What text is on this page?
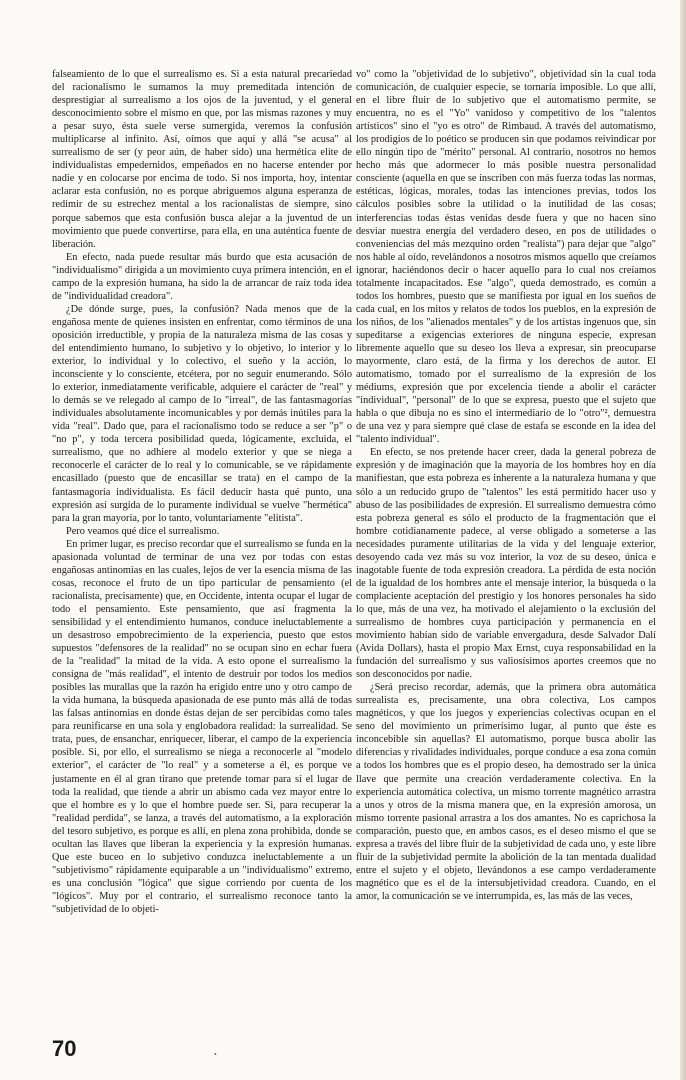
falseamiento de lo que el surrealismo es. Si a esta natural precariedad del racionalismo le sumamos la muy premeditada intención de desprestigiar al surrealismo a los ojos de la juventud, y el general desconocimiento sobre el mismo en que, por las mismas razones y muy a pesar suyo, ésta suele verse sumergida, veremos la confusión multiplicarse al infinito. Así, oímos que aquí y allá "se acusa" al surrealismo de ser (y peor aún, de haber sido) una hermética elite de individualistas empedernidos, empeñados en no hacerse entender por nadie y en colocarse por encima de todo. Si nos importa, hoy, intentar aclarar esta confusión, no es porque abriguemos alguna esperanza de redimir de su estrechez mental a los racionalistas de siempre, sino porque sabemos que esta confusión busca alejar a la juventud de un movimiento que puede convertirse, para ella, en una auténtica fuente de liberación.

En efecto, nada puede resultar más burdo que esta acusación de "individualismo" dirigida a un movimiento cuya primera intención, en el campo de la expresión humana, ha sido la de arrancar de raíz toda idea de "individualidad creadora".

¿De dónde surge, pues, la confusión? Nada menos que de la engañosa mente de quienes insisten en enfrentar, como términos de una oposición irreductible, y propia de la naturaleza misma de las cosas y del entendimiento humano, lo subjetivo y lo objetivo, lo interior y lo exterior, lo individual y lo colectivo, el sueño y la acción, lo inconsciente y lo consciente, etcétera, por no seguir enumerando. Sólo lo exterior, inmediatamente verificable, adquiere el carácter de "real" y lo demás se ve relegado al campo de lo "irreal", de las fantasmagorías individuales absolutamente incomunicables y por demás inútiles para la vida "real". Dado que, para el racionalismo todo se reduce a ser "p" o "no p", y toda tercera posibilidad queda, lógicamente, excluida, el surrealismo, que no adhiere al modelo exterior y que se niega a reconocerle el carácter de lo real y lo comunicable, se ve rápidamente encasillado (puesto que de encasillar se trata) en el campo de la fantasmagoría individualista. Es fácil deducir hasta qué punto, una expresión así surgida de lo puramente individual se vuelve "hermética" para la gran mayoría, por lo tanto, voluntariamente "elitista".

Pero veamos qué dice el surrealismo.

En primer lugar, es preciso recordar que el surrealismo se funda en la apasionada voluntad de terminar de una vez por todas con estas engañosas antinomias en las cuales, lejos de ver la esencia misma de las cosas, reconoce el fruto de un tipo particular de pensamiento (el racionalista, precisamente) que, en Occidente, intenta ocupar el lugar de todo el pensamiento. Este pensamiento, que así fragmenta la sensibilidad y el entendimiento humanos, conduce ineluctablemente a un desastroso empobrecimiento de la experiencia, puesto que estos supuestos "defensores de la realidad" no se ocupan sino en echar fuera de la "realidad" la mitad de la vida. A esto opone el surrealismo la consigna de "más realidad", el intento de destruir por todos los medios posibles las murallas que la razón ha erigido entre uno y otro campo de la vida humana, la búsqueda apasionada de ese punto más allá de todas las falsas antinomias en donde éstas dejan de ser percibidas como tales para reunificarse en una sola y englobadora realidad: la surrealidad. Se trata, pues, de ensanchar, enriquecer, liberar, el campo de la experiencia posible. Si, por ello, el surrealismo se niega a reconocerle al "modelo exterior", el carácter de "lo real" y a someterse a él, es porque ve justamente en él al gran tirano que pretende tomar para sí el lugar de toda la realidad, que tiende a abrir un abismo cada vez mayor entre lo que el hombre es y lo que el hombre puede ser. Si, para recuperar la "realidad perdida", se lanza, a través del automatismo, a la exploración del tesoro subjetivo, es porque es allí, en plena zona prohibida, donde se ocultan las llaves que liberan la experiencia y la expresión humanas. Que este buceo en lo subjetivo conduzca ineluctablemente a un "subjetivismo" rápidamente equiparable a un "individualismo" extremo, es una conclusión "lógica" que sigue corriendo por cuenta de los "lógicos". Muy por el contrario, el surrealismo reconoce tanto la "subjetividad de lo objeti-

vo" como la "objetividad de lo subjetivo", objetividad sin la cual toda comunicación, de cualquier especie, se tornaría imposible. Lo que allí, en el libre fluir de lo subjetivo que el automatismo permite, se encuentra, no es el "Yo" vanidoso y competitivo de los "talentos artísticos" sino el "yo es otro" de Rimbaud. A través del automatismo, los prodigios de lo poético se producen sin que podamos reivindicar por ello ningún tipo de "mérito" personal. Al contrario, nosotros no hemos hecho más que adormecer lo más posible nuestra personalidad consciente (aquella en que se inscriben con más fuerza todas las normas, estéticas, lógicas, morales, todas las intenciones previas, todos los cálculos posibles sobre la utilidad o la inutilidad de las cosas; interferencias todas éstas venidas desde fuera y que no hacen sino desviar nuestra energía del verdadero deseo, en pos de utilidades o conveniencias del más mezquino orden "realista") para dejar que "algo" nos hable al oído, revelándonos a nosotros mismos aquello que creíamos ignorar, haciéndonos decir o hacer aquello para lo cual nos creíamos totalmente incapacitados. Ese "algo", queda demostrado, es común a todos los hombres, puesto que se manifiesta por igual en los sueños de cada cual, en los mitos y relatos de todos los pueblos, en la expresión de los niños, de los "alienados mentales" y de los artistas ingenuos que, sin supeditarse a exigencias exteriores de ninguna especie, expresan libremente aquello que su deseo los lleva a expresar, sin preocuparse mayormente, claro está, de la firma y los derechos de autor. El automatismo, tomado por el surrealismo de la expresión de los médiums, expresión que por excelencia tiende a abolir el carácter "individual", "personal" de lo que se expresa, puesto que el sujeto que habla o que dibuja no es sino el intermediario de lo "otro"², demuestra de una vez y para siempre qué clase de estafa se esconde en la idea del "talento individual".

En efecto, se nos pretende hacer creer, dada la general pobreza de expresión y de imaginación que la mayoría de los hombres hoy en día manifiestan, que esta pobreza es inherente a la naturaleza humana y que sólo a un reducido grupo de "talentos" les está permitido hacer uso y abuso de las posibilidades de expresión. El surrealismo demuestra cómo esta pobreza general es sólo el producto de la fragmentación que el hombre cotidianamente padece, al verse obligado a someterse a las necesidades puramente utilitarias de la vida y del lenguaje exterior, desoyendo cada vez más su voz interior, la voz de su deseo, única e inagotable fuente de toda expresión creadora. La pérdida de esta noción de la igualdad de los hombres ante el mensaje interior, la búsqueda o la complaciente aceptación del prestigio y los honores personales ha sido lo que, más de una vez, ha motivado el alejamiento o la exclusión del surrealismo de hombres cuya participación y permanencia en el movimiento habían sido de variable envergadura, desde Salvador Dalí (Avida Dollars), hasta el propio Max Ernst, cuya responsabilidad en la fundación del surrealismo y sus valiosísimos aportes creemos que no son desconocidos por nadie.

¿Será preciso recordar, además, que la primera obra automática surrealista es, precisamente, una obra colectiva, Los campos magnéticos, y que los juegos y experiencias colectivas ocupan en el seno del movimiento un primerísimo lugar, al punto que éste es inconcebible sin aquellas? El automatismo, porque busca abolir las diferencias y rivalidades individuales, porque conduce a esa zona común a todos los hombres que es el propio deseo, ha demostrado ser la única llave que permite una creación verdaderamente colectiva. En la experiencia automática colectiva, un mismo torrente magnético arrastra a unos y otros de la misma manera que, en la expresión amorosa, un mismo torrente pasional arrastra a los dos amantes. No es caprichosa la comparación, puesto que, en ambos casos, es el deseo mismo el que se expresa a través del libre fluir de la subjetividad de cada uno, y este libre fluir de la subjetividad permite la abolición de la tan mentada dualidad entre el sujeto y el objeto, llevándonos a ese campo verdaderamente magnético que es el de la intersubjetividad creadora. Cuando, en el amor, la comunicación se ve interrumpida, es, las más de las veces,

70	•
